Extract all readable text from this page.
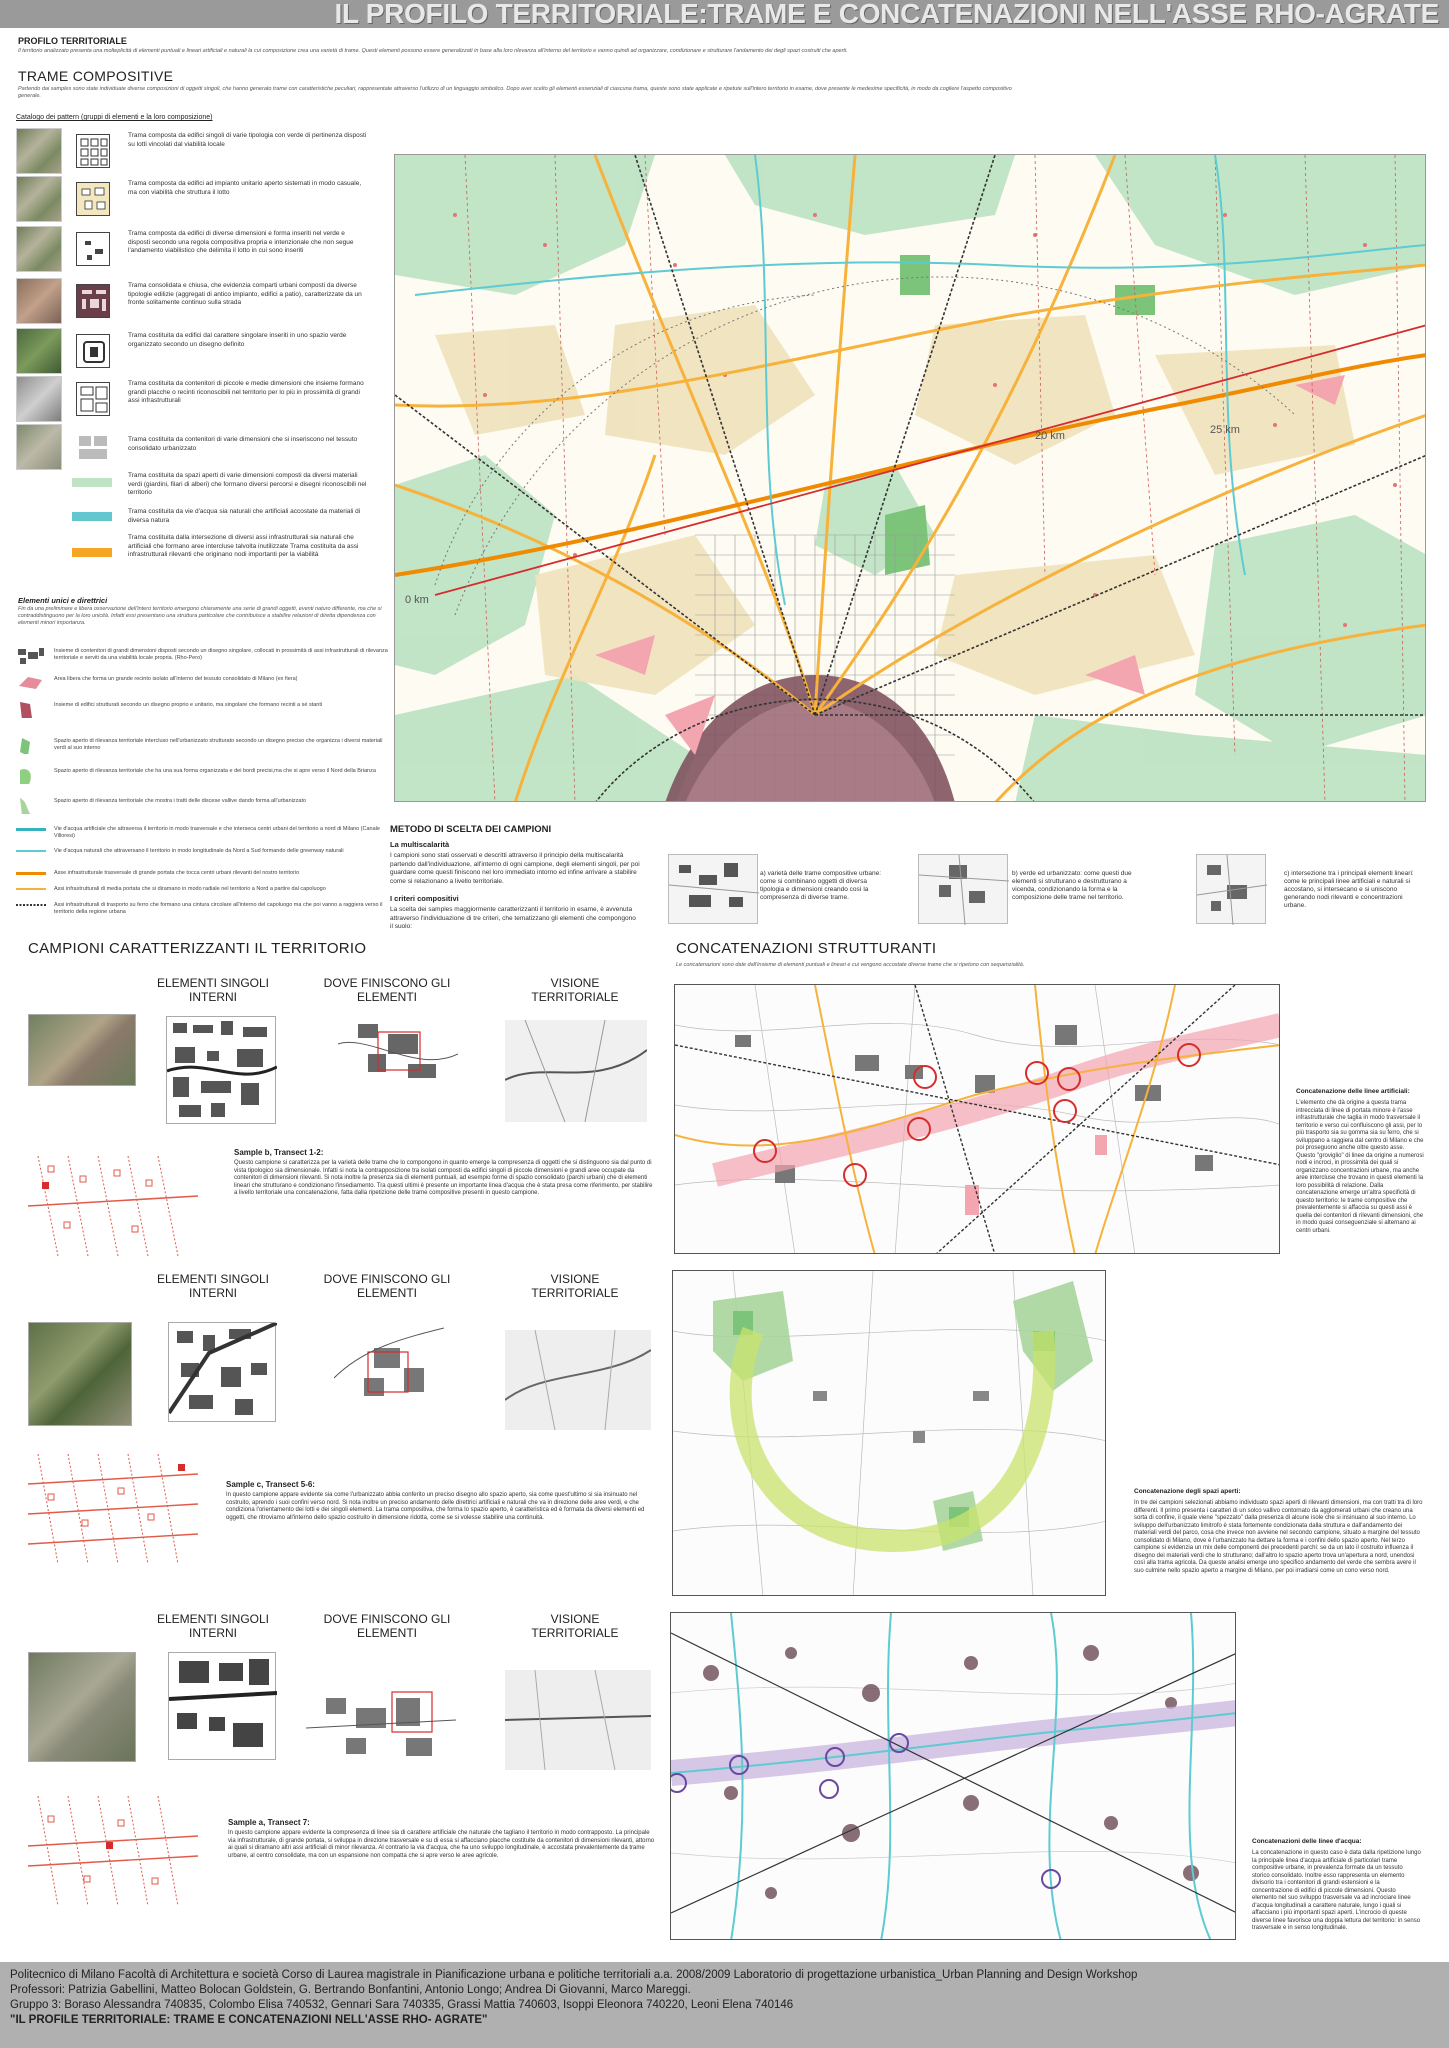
IL PROFILO TERRITORIALE:TRAME E CONCATENAZIONI NELL'ASSE RHO-AGRATE
PROFILO TERRITORIALE
Il territorio analizzato presenta una molteplicità di elementi puntuali e lineari artificiali e naturali la cui composizione crea una varietà di trame. Questi elementi possono essere generalizzati in base alla loro rilevanza all'interno del territorio e vanno quindi ad organizzare, condizionare e strutturare l'andamento dei degli spazi costruiti che aperti.
TRAME COMPOSITIVE
Partendo dai samples sono state individuate diverse composizioni di oggetti singoli, che hanno generato trame con caratteristiche peculiari, rappresentate attraverso l'utilizzo di un linguaggio simbolico. Dopo aver scelto gli elementi essenziali di ciascuna trama, queste sono state applicate e ripetute sull'intero territorio in esame, dove presente le medesime specificità, in modo da cogliere l'aspetto compositivo generale.
Catalogo dei pattern (gruppi di elementi e la loro composizione)
Trama composta da edifici singoli di varie tipologia con verde di pertinenza disposti su lotti vincolati dal viabilità locale
Trama composta da edifici ad impianto unitario aperto sistemati in modo casuale, ma con viabilità che struttura il lotto
Trama composta da edifici di diverse dimensioni e forma inseriti nel verde e disposti secondo una regola compositiva propria e intenzionale che non segue l'andamento viabilistico che delimita il lotto in cui sono inseriti
Trama consolidata e chiusa, che evidenzia comparti urbani composti da diverse tipologie edilizie (aggregati di antico impianto, edifici a patio), caratterizzate da un fronte solitamente continuo sulla strada
Trama costituita da edifici dal carattere singolare inseriti in uno spazio verde organizzato secondo un disegno definito
Trama costituita da contenitori di piccole e medie dimensioni che insieme formano grandi placche o recinti riconoscibili nel territorio per lo più in prossimità di grandi assi infrastrutturali
Trama costituita da contenitori di varie dimensioni che si inseriscono nel tessuto consolidato urbanizzato
Trama costituita da spazi aperti di varie dimensioni composti da diversi materiali verdi (giardini, filari di alberi) che formano diversi percorsi e disegni riconoscibili nel territorio
Trama costituita da vie d'acqua sia naturali che artificiali accostate da materiali di diversa natura
Trama costituita dalla intersezione di diversi assi infrastrutturali sia naturali che artificiali che formano aree intercluse talvolta inutilizzate Trama costituita da assi infrastrutturali rilevanti che originano nodi importanti per la viabilità
Elementi unici e direttrici
Fin da una preliminare e libera osservazione dell'intero territorio emergono chiaramente una serie di grandi oggetti, eventi naturo differente, ma che si contraddistinguono per la loro unicità. Infatti essi presentano una struttura particolare che contribuisce a stabilire relazioni di diretta dipendenza con elementi minori importanza.
Insieme di contenitori di grandi dimensioni disposti secondo un disegno singolare, collocati in prossimità di assi infrastrutturali di rilevanza territoriale e serviti da una viabilità locale propria. (Rho-Pero)
Area libera che forma un grande recinto isolato all'interno del tessuto consolidato di Milano (ex fiera)
Insieme di edifici strutturati secondo un disegno proprio e unitario, ma singolare che formano recinti a sé stanti
Spazio aperto di rilevanza territoriale intercluso nell'urbanizzato strutturato secondo un disegno preciso che organizza i diversi materiali verdi al suo interno
Spazio aperto di rilevanza territoriale che ha una sua forma organizzata e dei bordi precisi,ma che si apre verso il Nord della Brianza
Spazio aperto di rilevanza territoriale che mostra i tratti delle discese vallive dando forma all'urbanizzato
Vie d'acqua artificiale che attraversa il territorio in modo trasversale e che interseca centri urbani del territorio a nord di Milano (Canale Villoresi)
Vie d'acqua naturali che attraversano il territorio in modo longitudinale da Nord a Sud formando delle greenway naturali
Asse infrastrutturale trasversale di grande portata che tocca centri urbani rilevanti del nostro territorio
Assi infrastrutturali di media portata che si diramano in modo radiale nel territorio a Nord a partire dal capoluogo
Assi infrastrutturali di trasporto su ferro che formano una cintura circolare all'interno del capoluogo ma che poi vanno a raggiera verso il territorio della regione urbana
20 km	25 km
0 km
METODO DI SCELTA DEI CAMPIONI
La multiscalarità
I campioni sono stati osservati e descritti attraverso il principio della multiscalarità partendo dall'individuazione, all'interno di ogni campione, degli elementi singoli, per poi guardare come questi finiscono nel loro immediato intorno ed infine arrivare a stabilire come si relazionano a livello territoriale.
I criteri compositivi
La scelta dei samples maggiormente caratterizzanti il territorio in esame, è avvenuta attraverso l'individuazione di tre criteri, che tematizzano gli elementi che compongono il suolo:
a) varietà delle trame compositive urbane: come si combinano oggetti di diversa tipologia e dimensioni creando così la compresenza di diverse trame.
b) verde ed urbanizzato: come questi due elementi si strutturano e destrutturano a vicenda, condizionando la forma e la composizione delle trame nel territorio.
c) intersezione tra i principali elementi lineari: come le principali linee artificiali e naturali si accostano, si intersecano e si uniscono generando nodi rilevanti e concentrazioni urbane.
CAMPIONI CARATTERIZZANTI IL TERRITORIO
ELEMENTI SINGOLI INTERNI
DOVE FINISCONO GLI ELEMENTI
VISIONE TERRITORIALE
Sample b, Transect 1-2:
Questo campione si caratterizza per la varietà delle trame che lo compongono in quanto emerge la compresenza di oggetti che si distinguono sia dal punto di vista tipologico sia dimensionale. Infatti si nota la contrapposizione tra isolati composti da edifici singoli di piccole dimensioni e grandi aree occupate da contenitori di dimensioni rilevanti. Si nota inoltre la presenza sia di elementi puntuali, ad esempio forme di spazio consolidato (parchi urbani) che di elementi lineari che strutturano e condizionano l'insediamento. Tra questi ultimi è presente un importante linea d'acqua che è stata presa come riferimento, per stabilire a livello territoriale una concatenazione, fatta dalla ripetizione delle trame compositive presenti in questo campione.
ELEMENTI SINGOLI INTERNI
DOVE FINISCONO GLI ELEMENTI
VISIONE TERRITORIALE
Sample c, Transect 5-6:
In questo campione appare evidente sia come l'urbanizzato abbia conferito un preciso disegno allo spazio aperto, sia come quest'ultimo si sia insinuato nel costruito, aprendo i suoi confini verso nord. Si nota inoltre un preciso andamento delle direttrici artificiali e naturali che va in direzione delle aree verdi, e che condiziona l'orientamento dei lotti e dei singoli elementi. La trama compositiva, che forma lo spazio aperto, è caratteristica ed è formata da diversi elementi ed oggetti, che ritroviamo all'interno dello spazio costruito in dimensione ridotta, come se si volesse stabilire una continuità.
ELEMENTI SINGOLI INTERNI
DOVE FINISCONO GLI ELEMENTI
VISIONE TERRITORIALE
Sample a, Transect 7:
In questo campione appare evidente la compresenza di linee sia di carattere artificiale che naturale che tagliano il territorio in modo contrapposto. La principale via infrastrutturale, di grande portata, si sviluppa in direzione trasversale e su di essa si affacciano placche costituite da contenitori di dimensioni rilevanti, attorno ai quali si diramano altri assi artificiali di minor rilevanza. Al contrario la via d'acqua, che ha uno sviluppo longitudinale, è accostata prevalentemente da trame urbane, al centro consolidate, ma con un espansione non compatta che si apre verso le aree agricole.
CONCATENAZIONI STRUTTURANTI
Le concatenazioni sono date dall'insieme di elementi puntuali e lineari e cui vengono accostate diverse trame che si ripetono con sequenzialità.
Concatenazione delle linee artificiali:
L'elemento che dà origine a questa trama intrecciata di linee di portata minore è l'asse infrastrutturale che taglia in modo trasversale il territorio e verso cui confluiscono gli assi, per lo più trasporto sia su gomma sia su ferro, che si sviluppano a raggiera dal centro di Milano e che poi proseguono anche oltre questo asse. Questo "groviglio" di linee da origine a numerosi nodi e incroci, in prossimità dei quali si organizzano concentrazioni urbane, ma anche aree intercluse che trovano in questi elementi la loro possibilità di relazione. Dalla concatenazione emerge un'altra specificità di questo territorio: le trame compositive che prevalentemente si affaccia su questi assi è quella dei contenitori di rilevanti dimensioni, che in modo quasi conseguenziale si alternano ai centri urbani.
Concatenazione degli spazi aperti:
In tre dei campioni selezionati abbiamo individuato spazi aperti di rilevanti dimensioni, ma con tratti tra di loro differenti. Il primo presenta i caratteri di un solco vallivo contornato da agglomerati urbani che creano una sorta di confine, il quale viene "spezzato" dalla presenza di alcune isole che si insinuano al suo interno. Lo sviluppo dell'urbanizzato limitrofo è stata fortemente condizionata dalla struttura e dall'andamento dei materiali verdi del parco, cosa che invece non avviene nel secondo campione, situato a margine del tessuto consolidato di Milano, dove è l'urbanizzato ha dettare la forma e i confini dello spazio aperto. Nel terzo campione si evidenzia un mix delle componenti dei precedenti parchi: se da un lato il costruito influenza il disegno dei materiali verdi che lo strutturano; dall'altro lo spazio aperto trova un'apertura a nord, unendosi così alla trama agricola. Da queste analisi emerge uno specifico andamento del verde che sembra avere il suo culmine nello spazio aperto a margine di Milano, per poi irradiarsi come un cono verso nord.
Concatenazioni delle linee d'acqua:
La concatenazione in questo caso è data dalla ripetizione lungo la principale linea d'acqua artificiale di particolari trame compositive urbane, in prevalenza formate da un tessuto storico consolidato. Inoltre esso rappresenta un elemento divisorio tra i contenitori di grandi estensioni e la concentrazione di edifici di piccole dimensioni. Questo elemento nel suo sviluppo trasversale va ad incrociare linee d'acqua longitudinali a carattere naturale, lungo i quali si affacciano i più importanti spazi aperti. L'incrocio di queste diverse linee favorisce una doppia lettura del territorio: in senso trasversale e in senso longitudinale.
Politecnico di Milano Facoltà di Architettura e società Corso di Laurea magistrale in Pianificazione urbana e politiche territoriali a.a. 2008/2009 Laboratorio di progettazione urbanistica_Urban Planning and Design Workshop
Professori: Patrizia Gabellini, Matteo Bolocan Goldstein, G. Bertrando Bonfantini, Antonio Longo; Andrea Di Giovanni, Marco Mareggi.
Gruppo 3: Boraso Alessandra 740835, Colombo Elisa 740532, Gennari Sara 740335, Grassi Mattia 740603, Isoppi Eleonora 740220, Leoni Elena 740146
"IL PROFILE TERRITORIALE: TRAME E CONCATENAZIONI NELL'ASSE RHO- AGRATE"
